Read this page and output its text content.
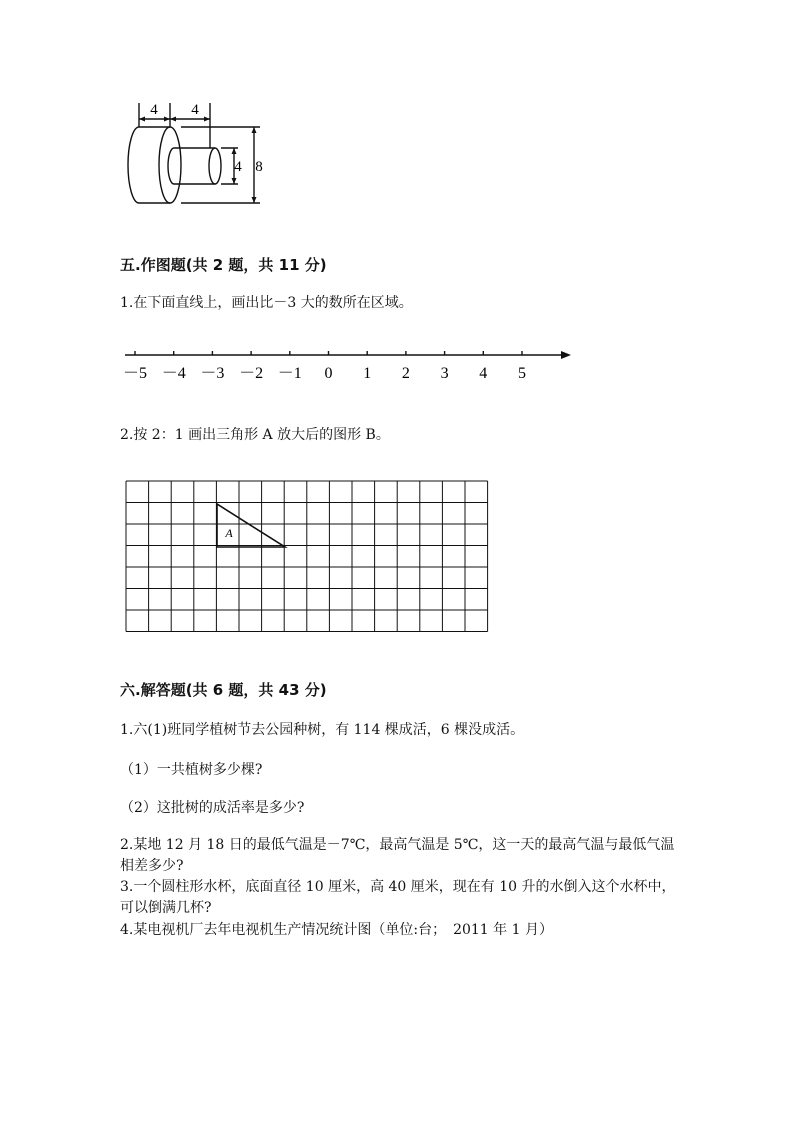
4 4
4 8
五.作图题(共 2 题，共 11 分)
1.在下面直线上，画出比－3 大的数所在区域。
－5 －4 －3 －2 －1 0 1 2 3 4 5
2.按 2：1 画出三角形 A 放大后的图形 B。
A
六.解答题(共 6 题，共 43 分)
1.六(1)班同学植树节去公园种树，有 114 棵成活，6 棵没成活。
（1）一共植树多少棵?
（2）这批树的成活率是多少?
2.某地 12 月 18 日的最低气温是－7℃，最高气温是 5℃，这一天的最高气温与最低气温相差多少?
3.一个圆柱形水杯，底面直径 10 厘米，高 40 厘米，现在有 10 升的水倒入这个水杯中，可以倒满几杯?
4.某电视机厂去年电视机生产情况统计图（单位:台；　2011 年 1 月）
